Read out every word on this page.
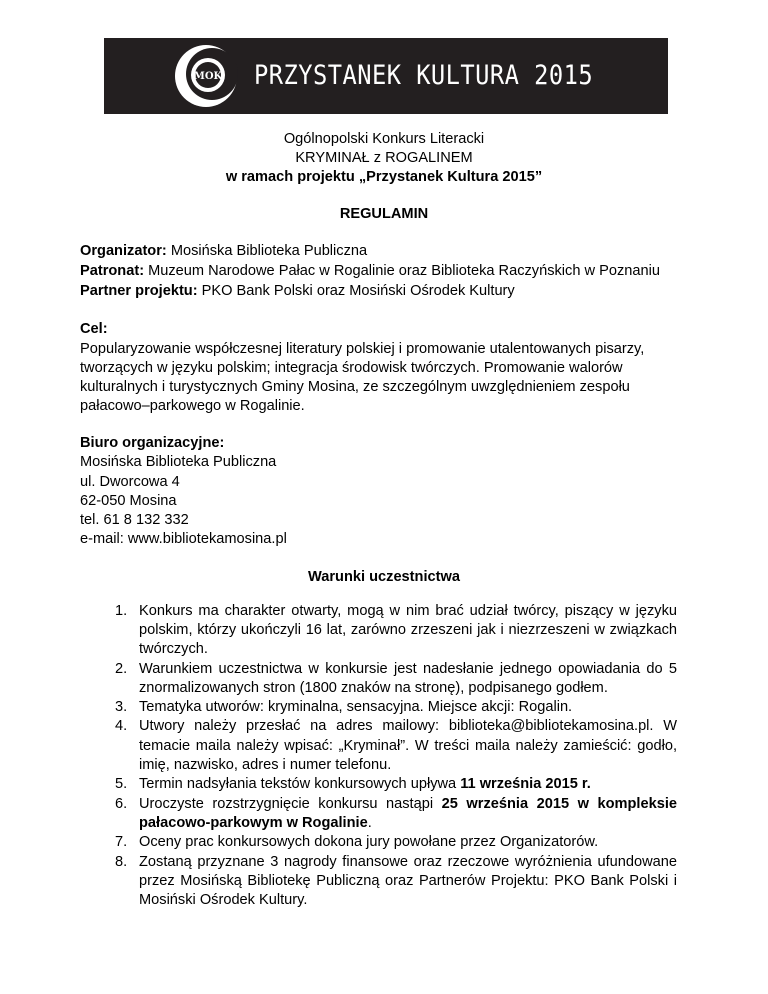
MOK PRZYSTANEK KULTURA 2015
Ogólnopolski Konkurs Literacki
KRYMINAŁ z ROGALINEM
w ramach projektu „Przystanek Kultura 2015”
REGULAMIN
Organizator: Mosińska Biblioteka Publiczna
Patronat: Muzeum Narodowe Pałac w Rogalinie oraz Biblioteka Raczyńskich w Poznaniu
Partner projektu: PKO Bank Polski oraz Mosiński Ośrodek Kultury
Cel:
Popularyzowanie współczesnej literatury polskiej i promowanie utalentowanych pisarzy,
tworzących w języku polskim; integracja środowisk twórczych. Promowanie walorów
kulturalnych i turystycznych Gminy Mosina, ze szczególnym uwzględnieniem zespołu
pałacowo–parkowego w Rogalinie.
Biuro organizacyjne:
Mosińska Biblioteka Publiczna
ul. Dworcowa 4
62-050 Mosina
tel. 61 8 132 332
e-mail: www.bibliotekamosina.pl
Warunki uczestnictwa
1. Konkurs ma charakter otwarty, mogą w nim brać udział twórcy, piszący w języku
polskim, którzy ukończyli 16 lat, zarówno zrzeszeni jak i niezrzeszeni w związkach
twórczych.
2. Warunkiem uczestnictwa w konkursie jest nadesłanie jednego opowiadania do 5
znormalizowanych stron (1800 znaków na stronę), podpisanego godłem.
3. Tematyka utworów: kryminalna, sensacyjna. Miejsce akcji: Rogalin.
4. Utwory należy przesłać na adres mailowy: biblioteka@bibliotekamosina.pl. W
temacie maila należy wpisać: „Kryminał”. W treści maila należy zamieścić: godło,
imię, nazwisko, adres i numer telefonu.
5. Termin nadsyłania tekstów konkursowych upływa 11 września 2015 r.
6. Uroczyste rozstrzygnięcie konkursu nastąpi 25 września 2015 w kompleksie
pałacowo-parkowym w Rogalinie.
7. Oceny prac konkursowych dokona jury powołane przez Organizatorów.
8. Zostaną przyznane 3 nagrody finansowe oraz rzeczowe wyróżnienia ufundowane
przez Mosińską Bibliotekę Publiczną oraz Partnerów Projektu: PKO Bank Polski i
Mosiński Ośrodek Kultury.
